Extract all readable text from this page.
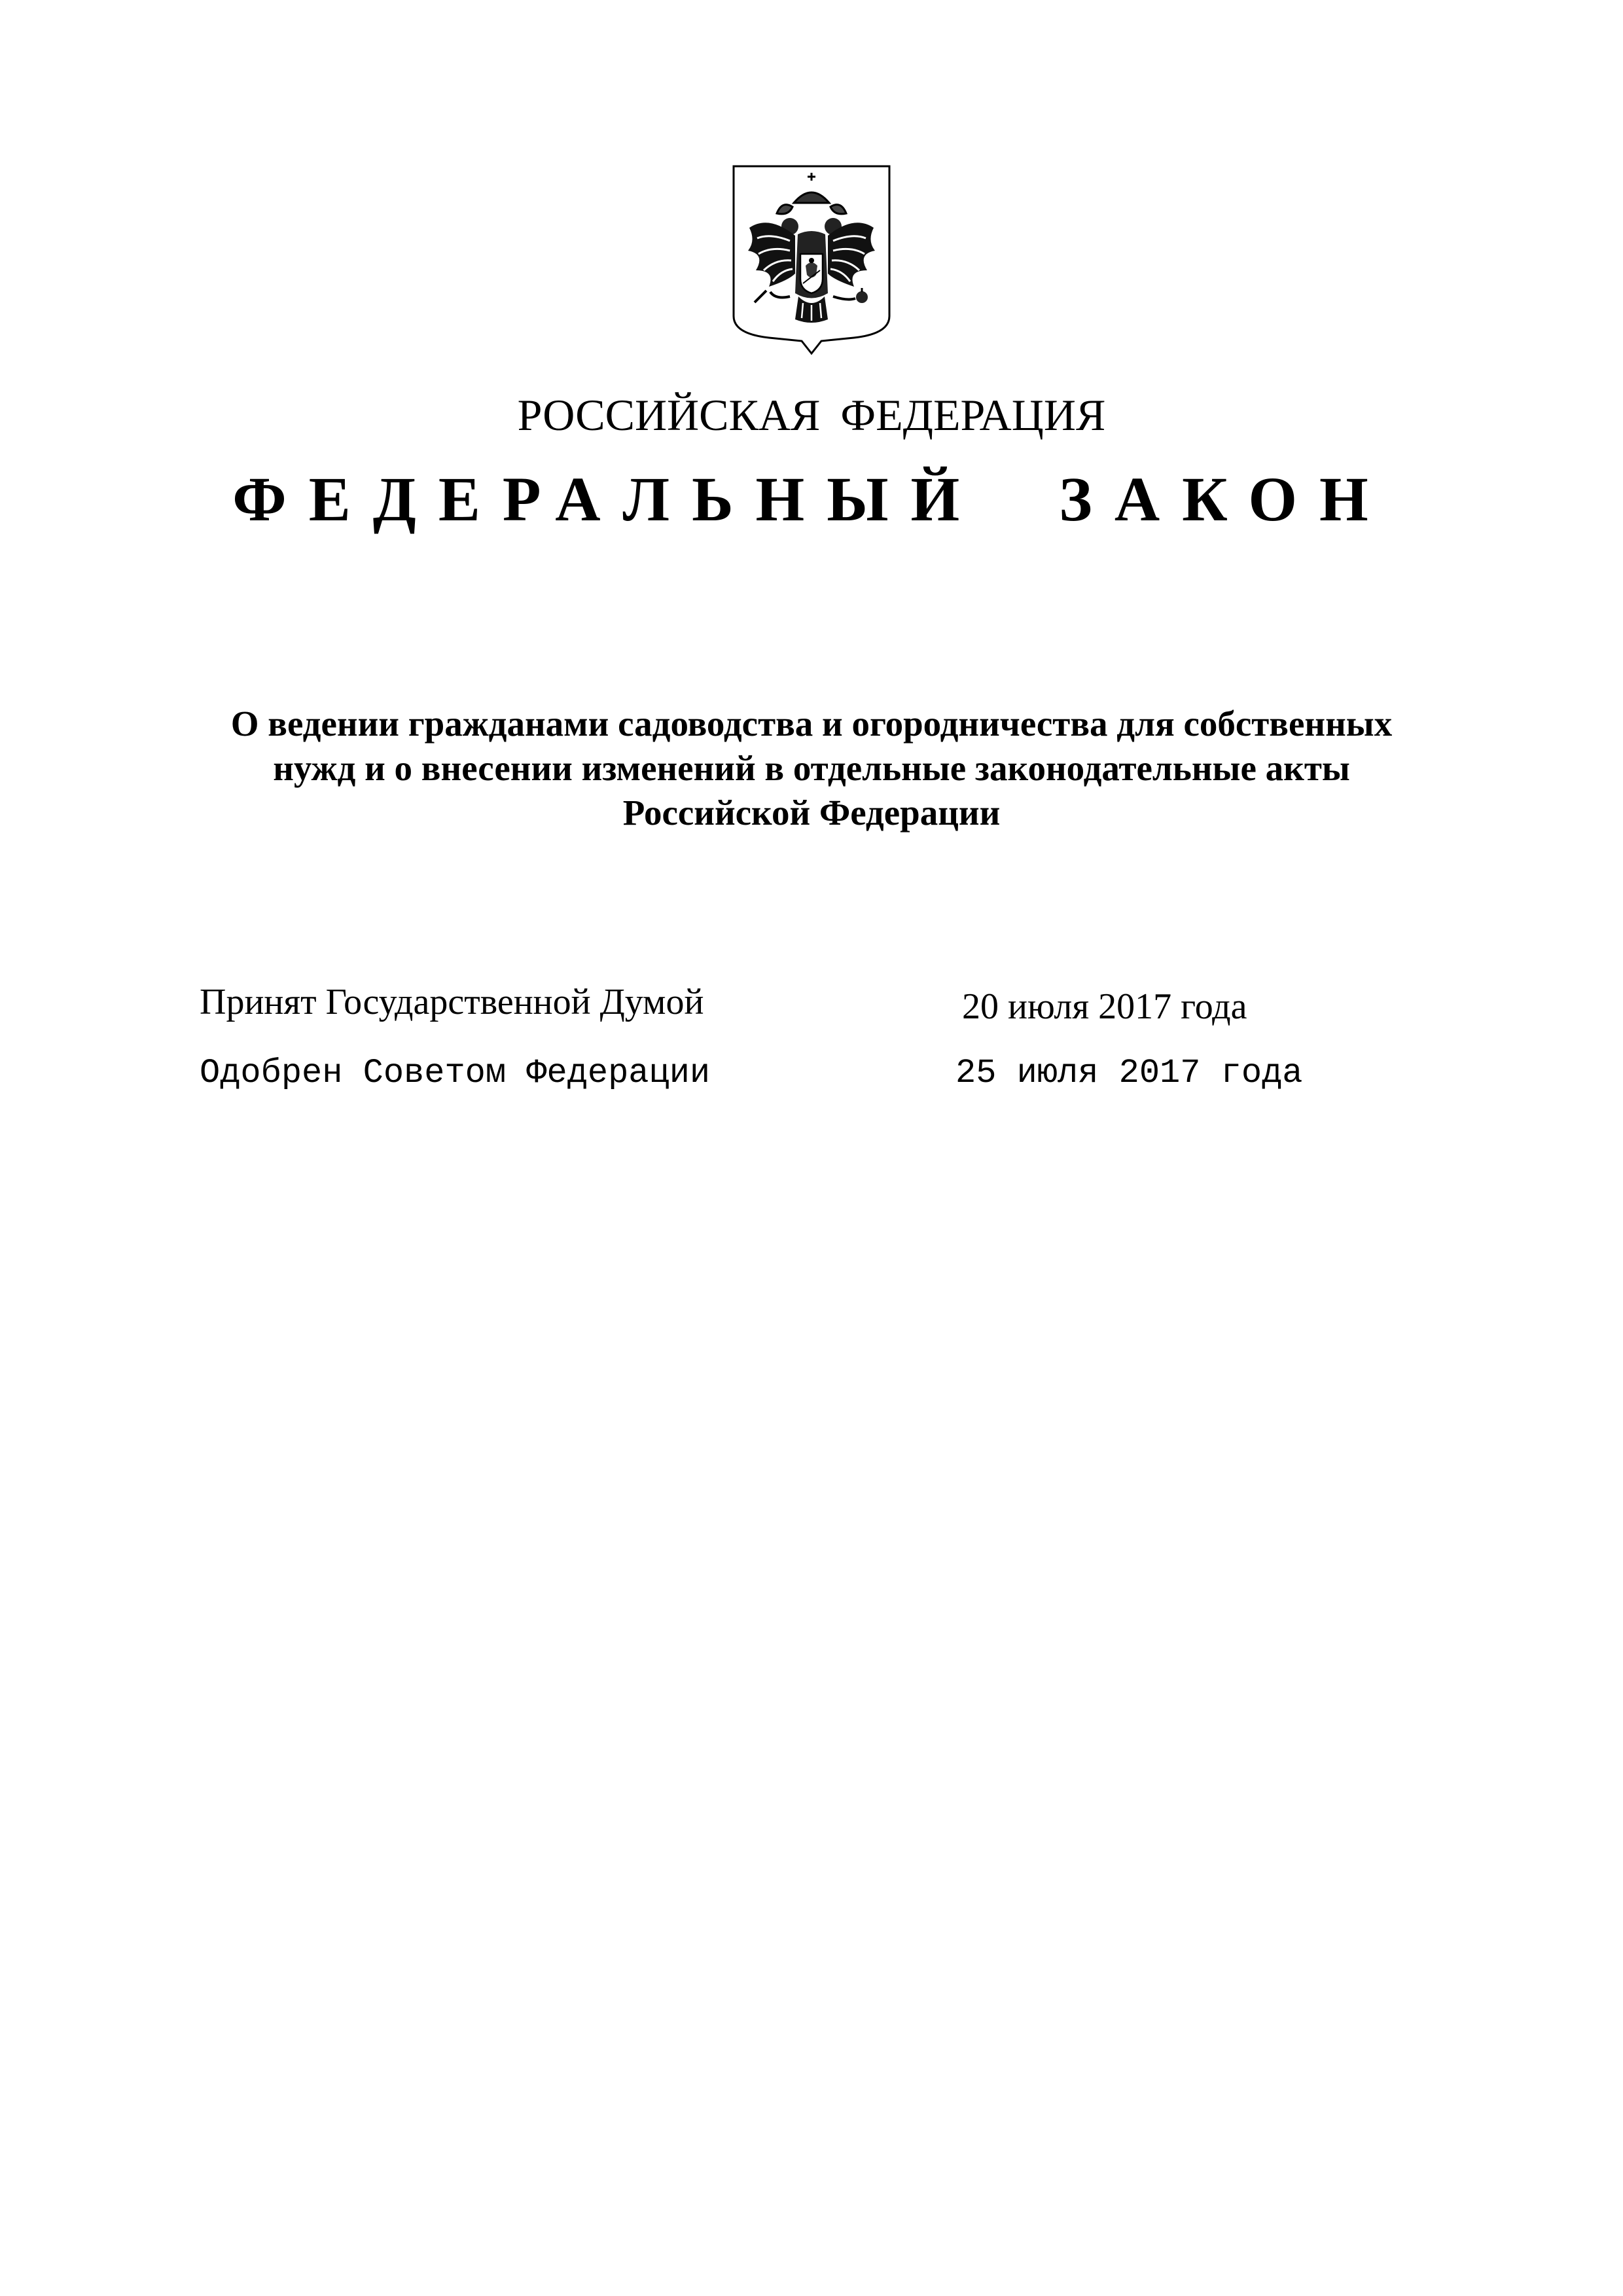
РОССИЙСКАЯ ФЕДЕРАЦИЯ
ФЕДЕРАЛЬНЫЙ ЗАКОН
О ведении гражданами садоводства и огородничества для собственных
нужд и о внесении изменений в отдельные законодательные акты
Российской Федерации
Принят Государственной Думой	20 июля 2017 года
Одобрен Советом Федерации	25 июля 2017 года
